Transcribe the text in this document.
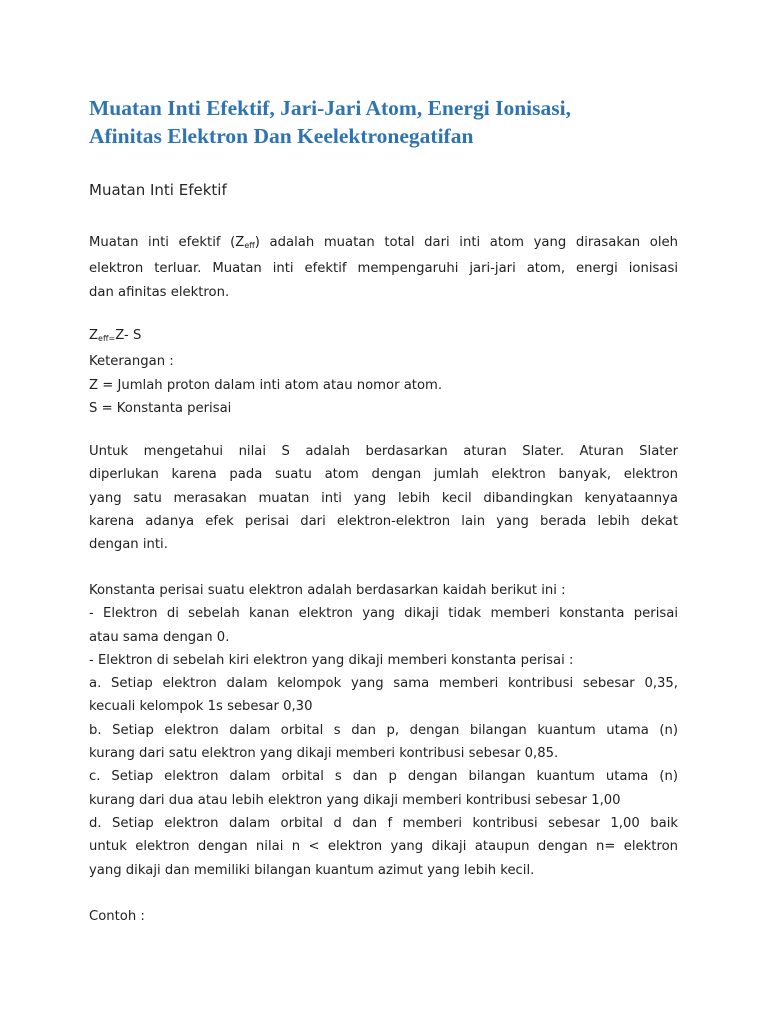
Muatan Inti Efektif, Jari-Jari Atom, Energi Ionisasi,
Afinitas Elektron Dan Keelektronegatifan
Muatan Inti Efektif
Muatan inti efektif $(Z_{eff})$ adalah muatan total dari inti atom yang dirasakan oleh
elektron terluar. Muatan inti efektif mempengaruhi jari-jari atom, energi ionisasi
dan afinitas elektron.
$Z_{eff=}Z-$ S
Keterangan :
Z = Jumlah proton dalam inti atom atau nomor atom.
S = Konstanta perisai
Untuk mengetahui nilai S adalah berdasarkan aturan Slater. Aturan Slater
diperlukan karena pada suatu atom dengan jumlah elektron banyak, elektron
yang satu merasakan muatan inti yang lebih kecil dibandingkan kenyataannya
karena adanya efek perisai dari elektron-elektron lain yang berada lebih dekat
dengan inti.
Konstanta perisai suatu elektron adalah berdasarkan kaidah berikut ini :
- Elektron di sebelah kanan elektron yang dikaji tidak memberi konstanta perisai
atau sama dengan 0.
- Elektron di sebelah kiri elektron yang dikaji memberi konstanta perisai :
a. Setiap elektron dalam kelompok yang sama memberi kontribusi sebesar 0,35,
kecuali kelompok 1s sebesar 0,30
b. Setiap elektron dalam orbital s dan p, dengan bilangan kuantum utama (n)
kurang dari satu elektron yang dikaji memberi kontribusi sebesar 0,85.
c. Setiap elektron dalam orbital s dan p dengan bilangan kuantum utama (n)
kurang dari dua atau lebih elektron yang dikaji memberi kontribusi sebesar 1,00
d. Setiap elektron dalam orbital d dan f memberi kontribusi sebesar 1,00 baik
untuk elektron dengan nilai n < elektron yang dikaji ataupun dengan n= elektron
yang dikaji dan memiliki bilangan kuantum azimut yang lebih kecil.
Contoh :
